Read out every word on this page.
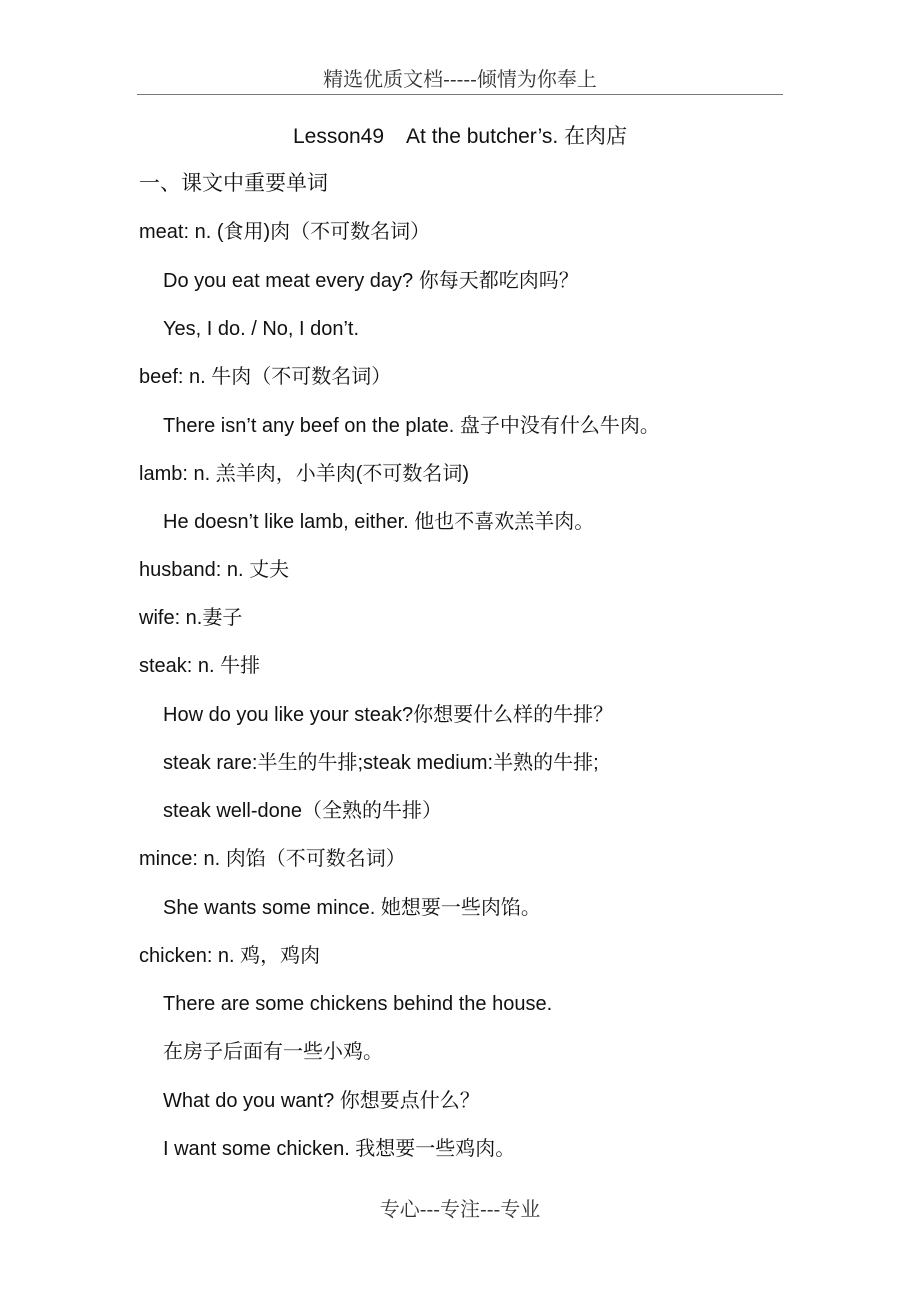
精选优质文档-----倾情为你奉上
Lesson49 At the butcher’s. 在肉店
一、课文中重要单词
meat: n. (食用)肉（不可数名词）
Do you eat meat every day? 你每天都吃肉吗？
Yes, I do. / No, I don’t.
beef: n. 牛肉（不可数名词）
There isn’t any beef on the plate. 盘子中没有什么牛肉。
lamb: n. 羔羊肉，小羊肉(不可数名词)
He doesn’t like lamb, either. 他也不喜欢羔羊肉。
husband: n. 丈夫
wife: n.妻子
steak: n. 牛排
How do you like your steak?你想要什么样的牛排？
steak rare:半生的牛排;steak medium:半熟的牛排;
steak well-done（全熟的牛排）
mince: n. 肉馅（不可数名词）
She wants some mince. 她想要一些肉馅。
chicken: n. 鸡，鸡肉
There are some chickens behind the house.
在房子后面有一些小鸡。
What do you want? 你想要点什么？
I want some chicken. 我想要一些鸡肉。
专心---专注---专业
